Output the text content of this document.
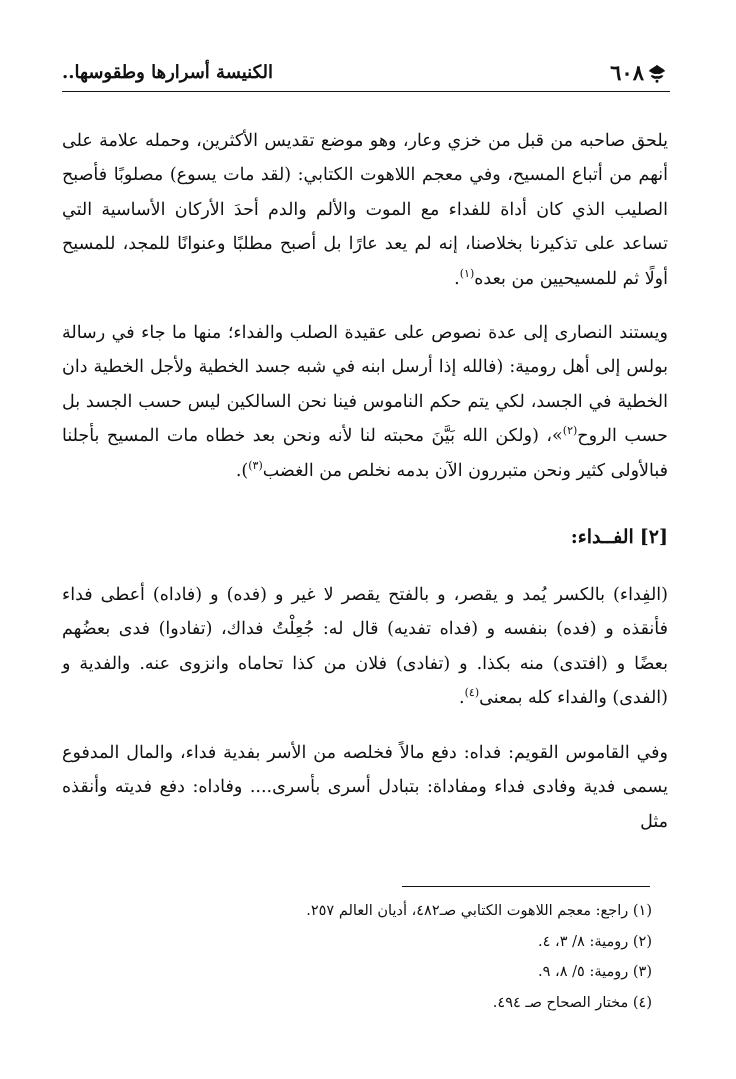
٦٠٨
الكنيسة أسرارها وطقوسها..

يلحق صاحبه من قبل من خزي وعار، وهو موضع تقديس الأكثرين، وحمله علامة على أنهم من أتباع المسيح، وفي معجم اللاهوت الكتابي: (لقد مات يسوع) مصلوبًا فأصبح الصليب الذي كان أداة للفداء مع الموت والألم والدم أحدَ الأركان الأساسية التي تساعد على تذكيرنا بخلاصنا، إنه لم يعد عارًا بل أصبح مطلبًا وعنوانًا للمجد، للمسيح أولًا ثم للمسيحيين من بعده$^{(١)}$.

ويستند النصارى إلى عدة نصوص على عقيدة الصلب والفداء؛ منها ما جاء في رسالة بولس إلى أهل رومية: (فالله إذا أرسل ابنه في شبه جسد الخطية ولأجل الخطية دان الخطية في الجسد، لكي يتم حكم الناموس فينا نحن السالكين ليس حسب الجسد بل حسب الروح$^{(٢)}$»، (ولكن الله بَيَّنَ محبته لنا لأنه ونحن بعد خطاه مات المسيح بأجلنا فبالأولى كثير ونحن متبررون الآن بدمه نخلص من الغضب$^{(٣)}$).

[٢]الفــداء:

(الفِداء) بالكسر يُمد و يقصر، و بالفتح يقصر لا غير و (فده) و (فاداه) أعطى فداء فأنقذه و (فده) بنفسه و (فداه تفديه) قال له: جُعِلْتُ فداك، (تفادوا) فدى بعضُهم بعضًا و (افتدى) منه بكذا. و (تفادى) فلان من كذا تحاماه وانزوى عنه. والفدية و (الفدى) والفداء كله بمعنى$^{(٤)}$.

وفي القاموس القويم: فداه: دفع مالاً فخلصه من الأسر بفدية فداء، والمال المدفوع يسمى فدية وفادى فداء ومفاداة: بتبادل أسرى بأسرى.... وفاداه: دفع فديته وأنقذه مثل

(١) راجع: معجم اللاهوت الكتابي صـ٤٨٢، أديان العالم ٢٥٧.
(٢) رومية: ٨/ ٣، ٤.
(٣) رومية: ٥/ ٨، ٩.
(٤) مختار الصحاح صـ ٤٩٤.
